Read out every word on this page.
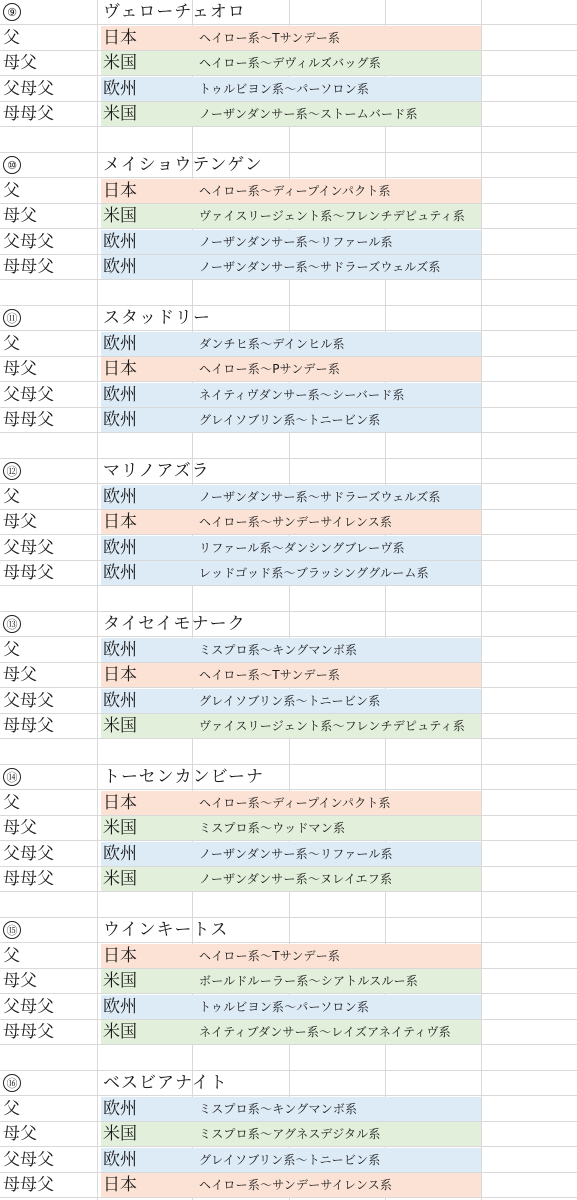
⑨	ヴェローチェオロ
父	日本	ヘイロー系〜Tサンデー系
母父	米国	ヘイロー系〜デヴィルズバッグ系
父母父	欧州	トゥルビヨン系〜パーソロン系
母母父	米国	ノーザンダンサー系〜ストームバード系
⑩	メイショウテンゲン
父	日本	ヘイロー系〜ディープインパクト系
母父	米国	ヴァイスリージェント系〜フレンチデピュティ系
父母父	欧州	ノーザンダンサー系〜リファール系
母母父	欧州	ノーザンダンサー系〜サドラーズウェルズ系
⑪	スタッドリー
父	欧州	ダンチヒ系〜デインヒル系
母父	日本	ヘイロー系〜Pサンデー系
父母父	欧州	ネイティヴダンサー系〜シーバード系
母母父	欧州	グレイソブリン系〜トニービン系
⑫	マリノアズラ
父	欧州	ノーザンダンサー系〜サドラーズウェルズ系
母父	日本	ヘイロー系〜サンデーサイレンス系
父母父	欧州	リファール系〜ダンシングブレーヴ系
母母父	欧州	レッドゴッド系〜ブラッシンググルーム系
⑬	タイセイモナーク
父	欧州	ミスプロ系〜キングマンボ系
母父	日本	ヘイロー系〜Tサンデー系
父母父	欧州	グレイソブリン系〜トニービン系
母母父	米国	ヴァイスリージェント系〜フレンチデピュティ系
⑭	トーセンカンビーナ
父	日本	ヘイロー系〜ディープインパクト系
母父	米国	ミスプロ系〜ウッドマン系
父母父	欧州	ノーザンダンサー系〜リファール系
母母父	米国	ノーザンダンサー系〜ヌレイエフ系
⑮	ウインキートス
父	日本	ヘイロー系〜Tサンデー系
母父	米国	ボールドルーラー系〜シアトルスルー系
父母父	欧州	トゥルビヨン系〜パーソロン系
母母父	米国	ネイティブダンサー系〜レイズアネイティヴ系
⑯	ベスビアナイト
父	欧州	ミスプロ系〜キングマンボ系
母父	米国	ミスプロ系〜アグネスデジタル系
父母父	欧州	グレイソブリン系〜トニービン系
母母父	日本	ヘイロー系〜サンデーサイレンス系
